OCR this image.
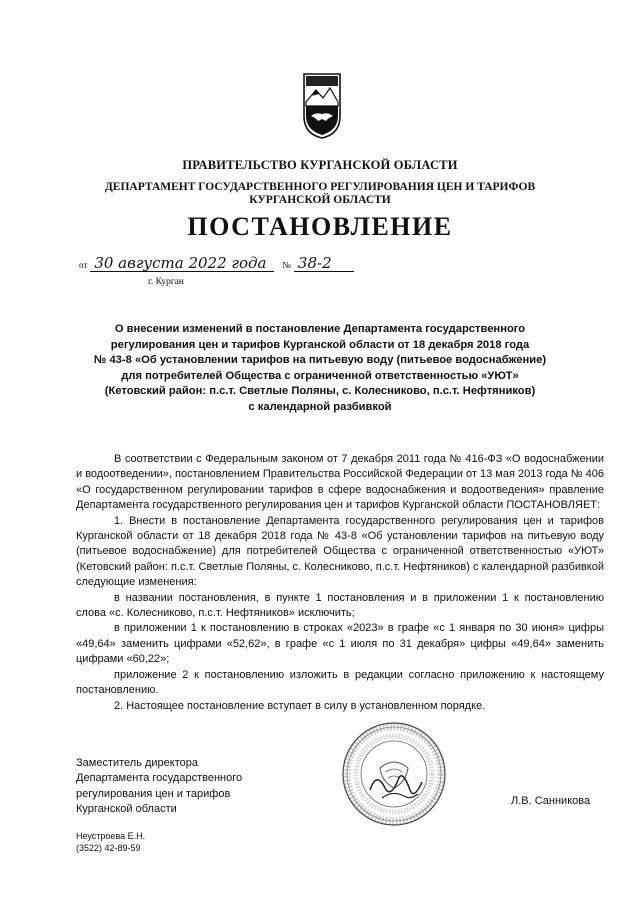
ПРАВИТЕЛЬСТВО КУРГАНСКОЙ ОБЛАСТИ
ДЕПАРТАМЕНТ ГОСУДАРСТВЕННОГО РЕГУЛИРОВАНИЯ ЦЕН И ТАРИФОВ
КУРГАНСКОЙ ОБЛАСТИ
ПОСТАНОВЛЕНИЕ
от 30 августа 2022 года № 38-2
г. Курган
О внесении изменений в постановление Департамента государственного
регулирования цен и тарифов Курганской области от 18 декабря 2018 года
№ 43-8 «Об установлении тарифов на питьевую воду (питьевое водоснабжение)
для потребителей Общества с ограниченной ответственностью «УЮТ»
(Кетовский район: п.с.т. Светлые Поляны, с. Колесниково, п.с.т. Нефтяников)
с календарной разбивкой

В соответствии с Федеральным законом от 7 декабря 2011 года № 416-ФЗ «О водоснабжении и водоотведении», постановлением Правительства Российской Федерации от 13 мая 2013 года № 406 «О государственном регулировании тарифов в сфере водоснабжения и водоотведения» правление Департамента государственного регулирования цен и тарифов Курганской области ПОСТАНОВЛЯЕТ:

1. Внести в постановление Департамента государственного регулирования цен и тарифов Курганской области от 18 декабря 2018 года № 43-8 «Об установлении тарифов на питьевую воду (питьевое водоснабжение) для потребителей Общества с ограниченной ответственностью «УЮТ» (Кетовский район: п.с.т. Светлые Поляны, с. Колесниково, п.с.т. Нефтяников) с календарной разбивкой следующие изменения:

в названии постановления, в пункте 1 постановления и в приложении 1 к постановлению слова «с. Колесниково, п.с.т. Нефтяников» исключить;

в приложении 1 к постановлению в строках «2023» в графе «с 1 января по 30 июня» цифры «49,64» заменить цифрами «52,62», в графе «с 1 июля по 31 декабря» цифры «49,64» заменить цифрами «60,22»;

приложение 2 к постановлению изложить в редакции согласно приложению к настоящему постановлению.

2. Настоящее постановление вступает в силу в установленном порядке.

Заместитель директора
Департамента государственного
регулирования цен и тарифов
Курганской области
Л.В. Санникова
Неустроева Е.Н.
(3522) 42-89-59
